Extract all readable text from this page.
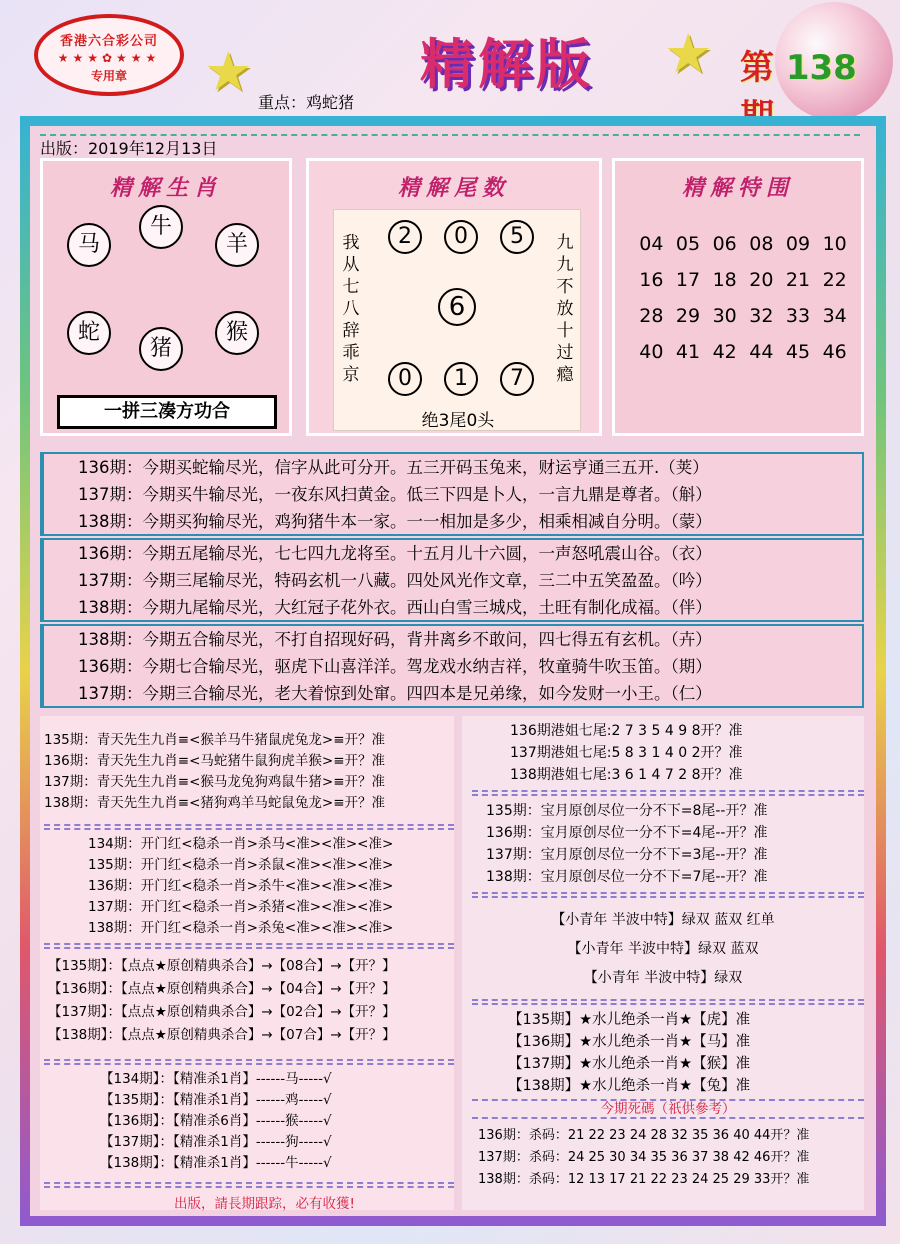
香港六合彩公司
★★★✿★★★
专用章	★	精解版 ★ 第 138
重点：鸡蛇猪
出版：2019年12月13日
精解生肖
马
牛
羊
蛇
猪
猴
一拼三凑方功合
精解尾数
我
从
七
八
辞
乖
京
九
九
不
放
十
过
瘾
2	0	5
6
0	1	7
绝3尾0头
精解特围
04 05 06 08 09 10
16 17 18 20 21 22
28 29 30 32 33 34
40 41 42 44 45 46
136期：今期买蛇输尽光，信字从此可分开。五三开码玉兔来，财运亨通三五开.（荚）
137期：今期买牛输尽光，一夜东风扫黄金。低三下四是卜人，一言九鼎是尊者。（斛）
138期：今期买狗输尽光，鸡狗猪牛本一家。一一相加是多少，相乘相减自分明。（蒙）
136期：今期五尾输尽光，七七四九龙将至。十五月儿十六圆，一声怒吼震山谷。（衣）
137期：今期三尾输尽光，特码玄机一八藏。四处风光作文章，三二中五笑盈盈。（吟）
138期：今期九尾输尽光，大红冠子花外衣。西山白雪三城戍，土旺有制化成福。（伴）
138期：今期五合输尽光，不打自招现好码，背井离乡不敢问，四七得五有玄机。（卉）
136期：今期七合输尽光，驱虎下山喜洋洋。驾龙戏水纳吉祥，牧童骑牛吹玉笛。（期）
137期：今期三合输尽光，老大着惊到处窜。四四本是兄弟缘，如今发财一小王。（仁）
135期：青天先生九肖≡<猴羊马牛猪鼠虎兔龙>≡开？准
136期：青天先生九肖≡<马蛇猪牛鼠狗虎羊猴>≡开？准
137期：青天先生九肖≡<猴马龙兔狗鸡鼠牛猪>≡开？准
138期：青天先生九肖≡<猪狗鸡羊马蛇鼠兔龙>≡开？准
134期：开门红<稳杀一肖>杀马<准><准><准>
135期：开门红<稳杀一肖>杀鼠<准><准><准>
136期：开门红<稳杀一肖>杀牛<准><准><准>
137期：开门红<稳杀一肖>杀猪<准><准><准>
138期：开门红<稳杀一肖>杀兔<准><准><准>
【135期】：【点点★原创精典杀合】→【08合】→【开？】
【136期】：【点点★原创精典杀合】→【04合】→【开？】
【137期】：【点点★原创精典杀合】→【02合】→【开？】
【138期】：【点点★原创精典杀合】→【07合】→【开？】
【134期】：【精准杀1肖】------马-----√
【135期】：【精准杀1肖】------鸡-----√
【136期】：【精准杀6肖】------猴-----√
【137期】：【精准杀1肖】------狗-----√
【138期】：【精准杀1肖】------牛-----√
出版，請長期跟踪，必有收獲!
136期港姐七尾:2 7 3 5 4 9 8开？准
137期港姐七尾:5 8 3 1 4 0 2开？准
138期港姐七尾:3 6 1 4 7 2 8开？准
135期：宝月原创尽位一分不下=8尾--开？准
136期：宝月原创尽位一分不下=4尾--开？准
137期：宝月原创尽位一分不下=3尾--开？准
138期：宝月原创尽位一分不下=7尾--开？准
【小青年 半波中特】绿双 蓝双 红单
【小青年 半波中特】绿双 蓝双
【小青年 半波中特】绿双
【135期】★水儿绝杀一肖★【虎】准
【136期】★水儿绝杀一肖★【马】准
【137期】★水儿绝杀一肖★【猴】准
【138期】★水儿绝杀一肖★【兔】准
今期死碼（祇供參考）
136期：杀码：21 22 23 24 28 32 35 36 40 44开？准
137期：杀码：24 25 30 34 35 36 37 38 42 46开？准
138期：杀码：12 13 17 21 22 23 24 25 29 33开？准
